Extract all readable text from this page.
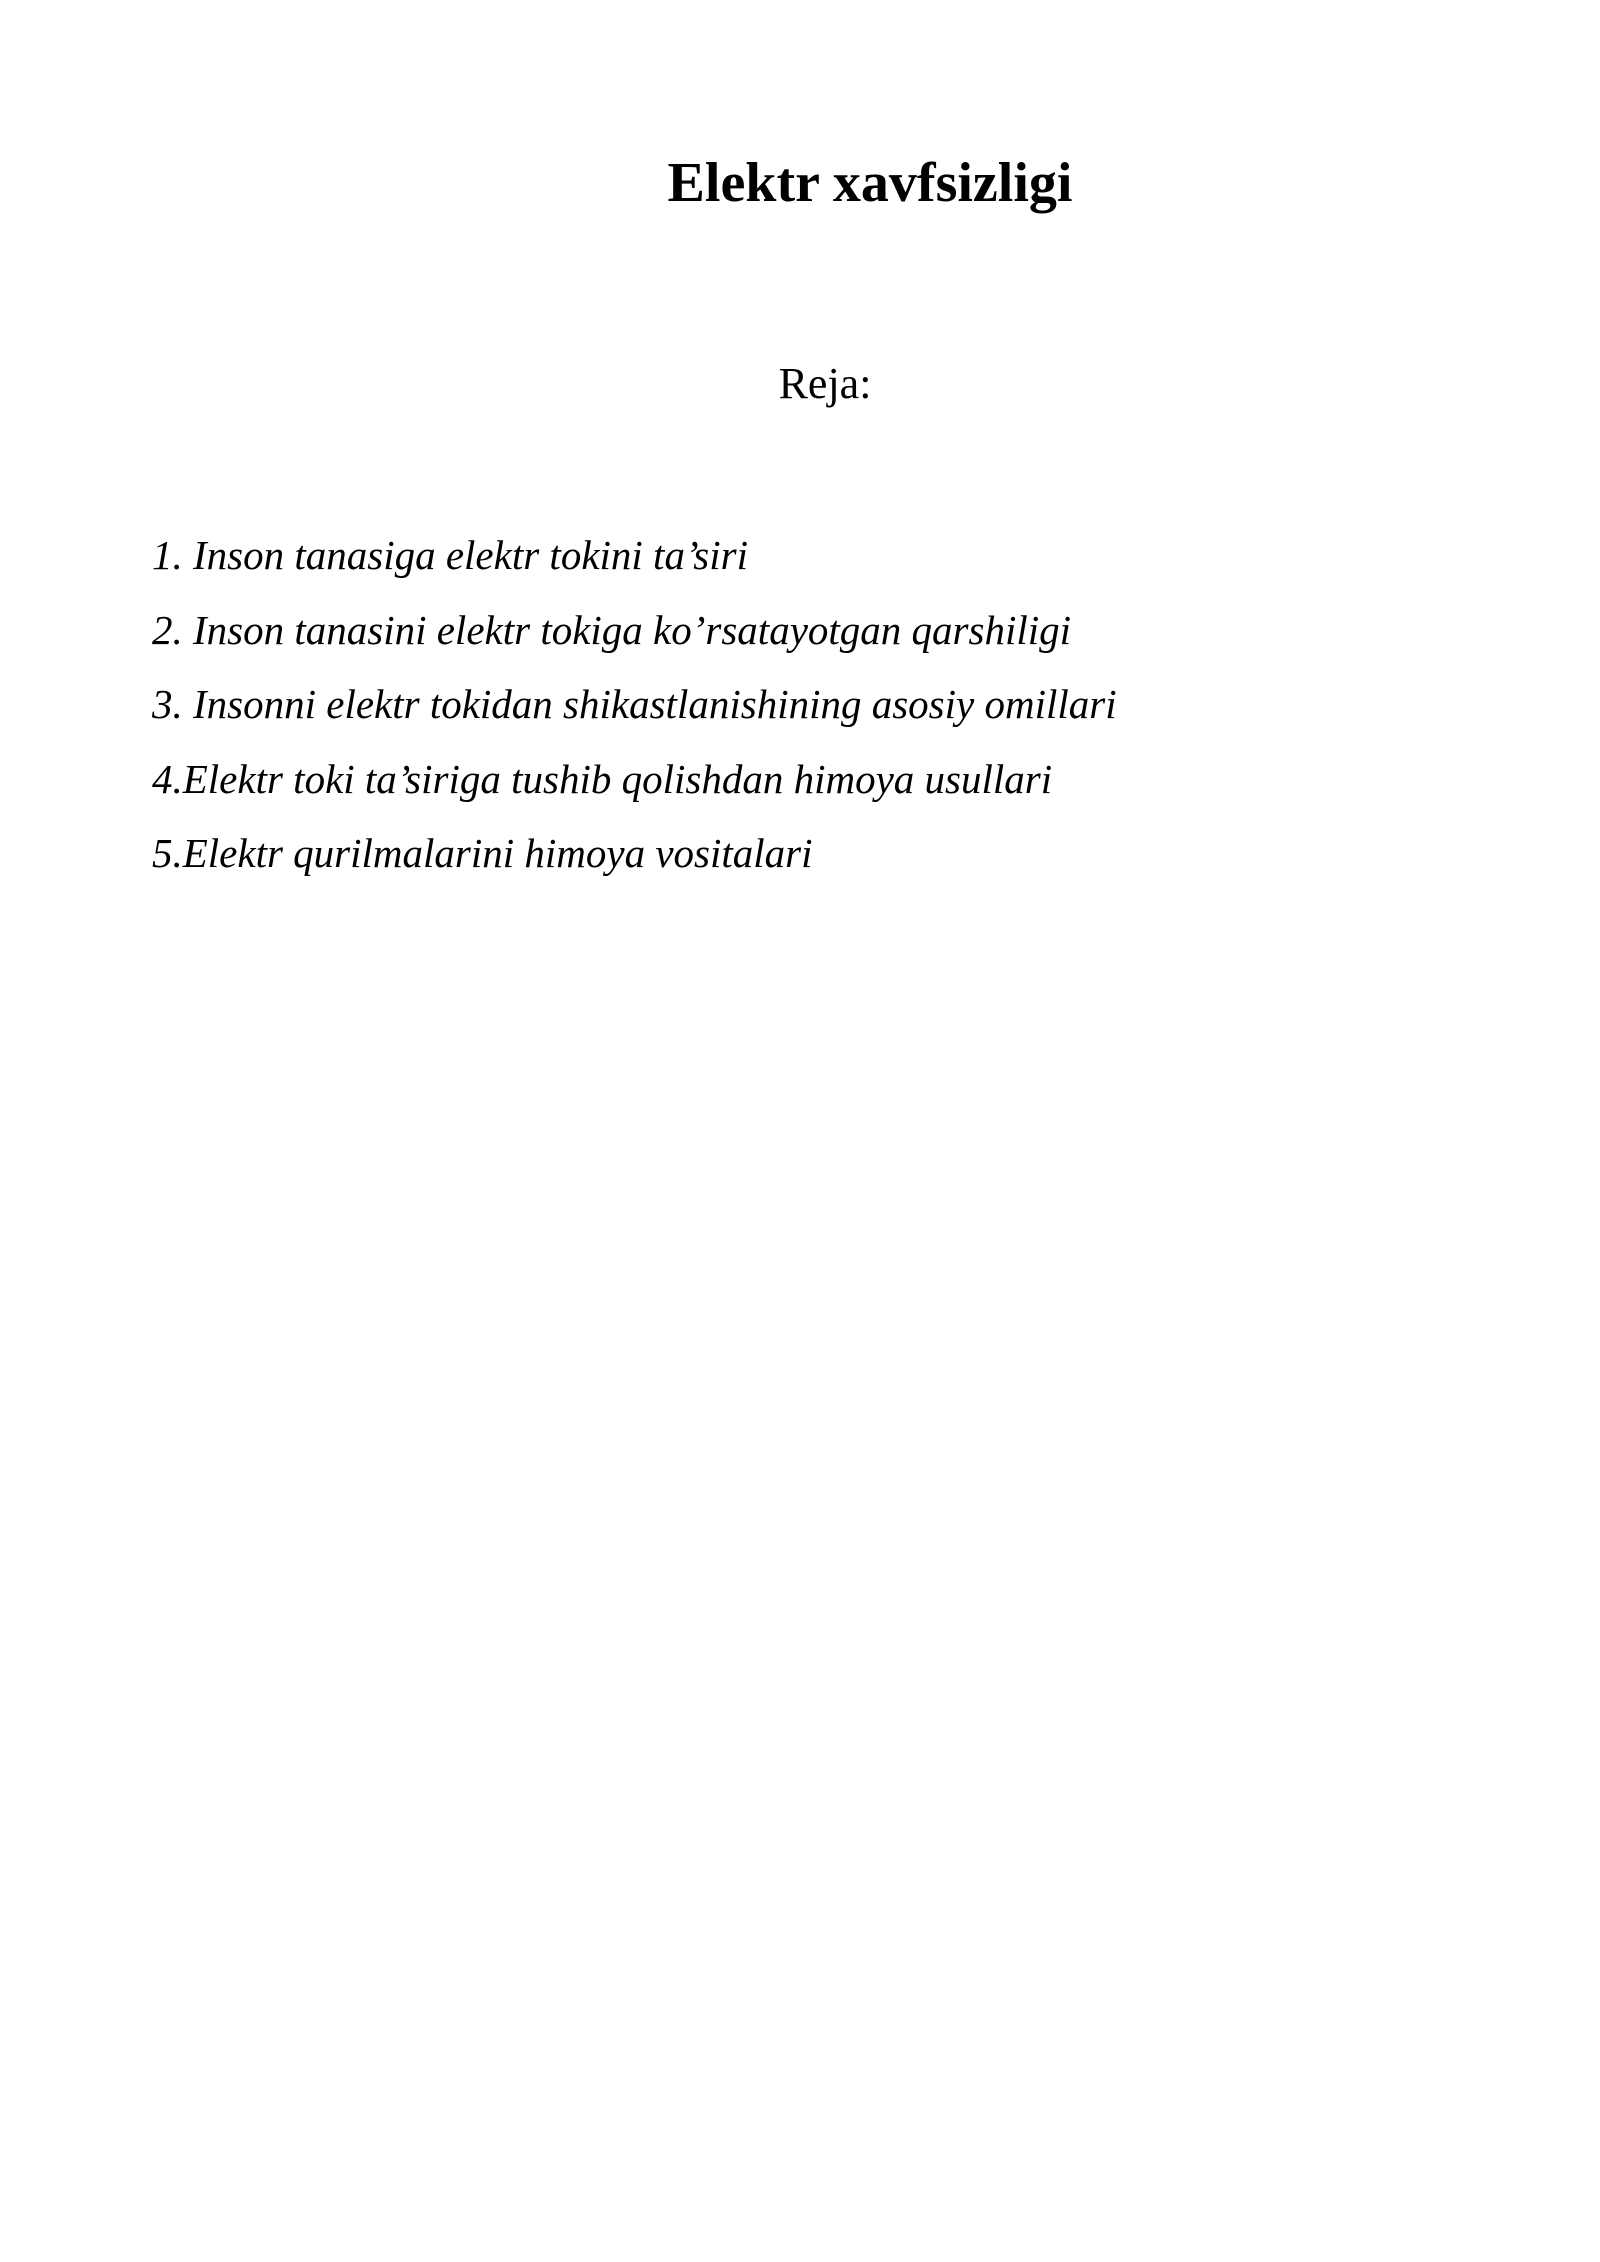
Elektr xavfsizligi
Reja:
1. Inson tanasiga elektr tokini ta’siri
2. Inson tanasini elektr tokiga ko’rsatayotgan qarshiligi
3. Insonni elektr tokidan shikastlanishining asosiy omillari
4.Elektr toki ta’siriga tushib qolishdan himoya usullari
5.Elektr qurilmalarini himoya vositalari
